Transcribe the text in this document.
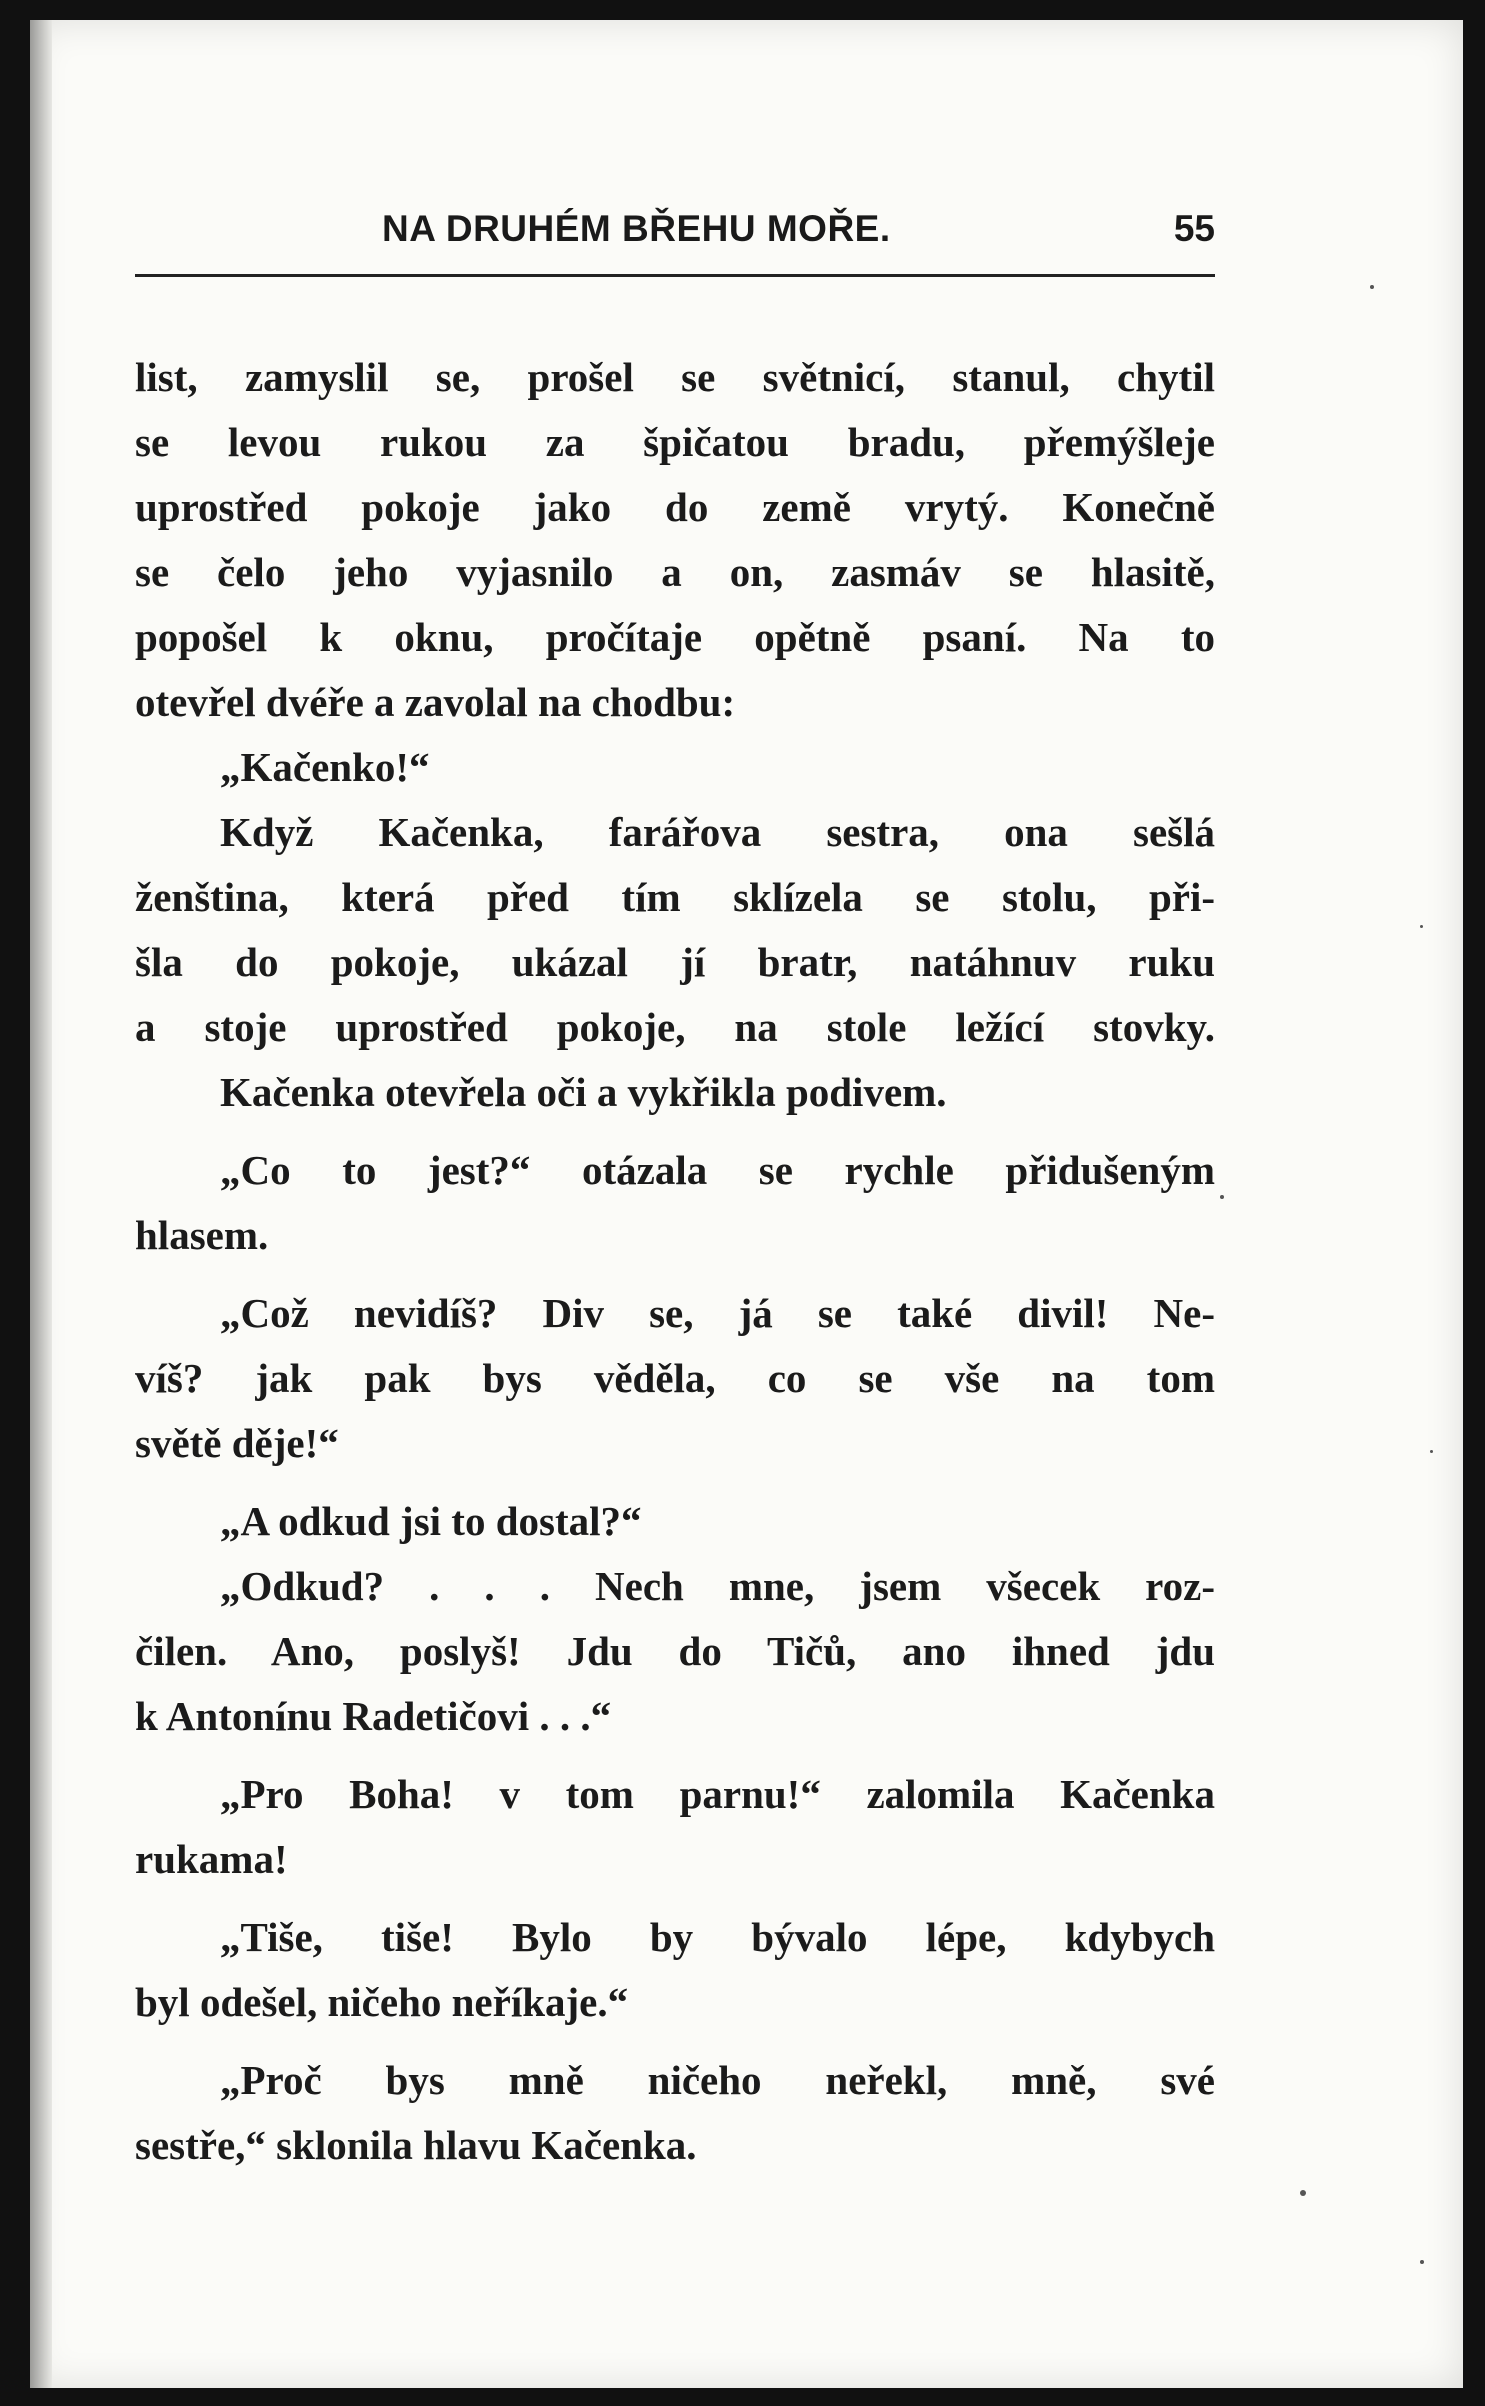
NA DRUHÉM BŘEHU MOŘE.	55
list, zamyslil se, prošel se světnicí, stanul, chytil
se levou rukou za špičatou bradu, přemýšleje
uprostřed pokoje jako do země vrytý. Konečně
se čelo jeho vyjasnilo a on, zasmáv se hlasitě,
popošel k oknu, pročítaje opětně psaní. Na to
otevřel dvéře a zavolal na chodbu:
„Kačenko!“
Když Kačenka, farářova sestra, ona sešlá
ženština, která před tím sklízela se stolu, při-
šla do pokoje, ukázal jí bratr, natáhnuv ruku
a stoje uprostřed pokoje, na stole ležící stovky.
Kačenka otevřela oči a vykřikla podivem.
„Co to jest?“ otázala se rychle přidušeným
hlasem.
„Což nevidíš? Div se, já se také divil! Ne-
víš? jak pak bys věděla, co se vše na tom
světě děje!“
„A odkud jsi to dostal?“
„Odkud? . . . Nech mne, jsem všecek roz-
čilen. Ano, poslyš! Jdu do Tičů, ano ihned jdu
k Antonínu Radetičovi . . .“
„Pro Boha! v tom parnu!“ zalomila Kačenka
rukama!
„Tiše, tiše! Bylo by bývalo lépe, kdybych
byl odešel, ničeho neříkaje.“
„Proč bys mně ničeho neřekl, mně, své
sestře,“ sklonila hlavu Kačenka.
